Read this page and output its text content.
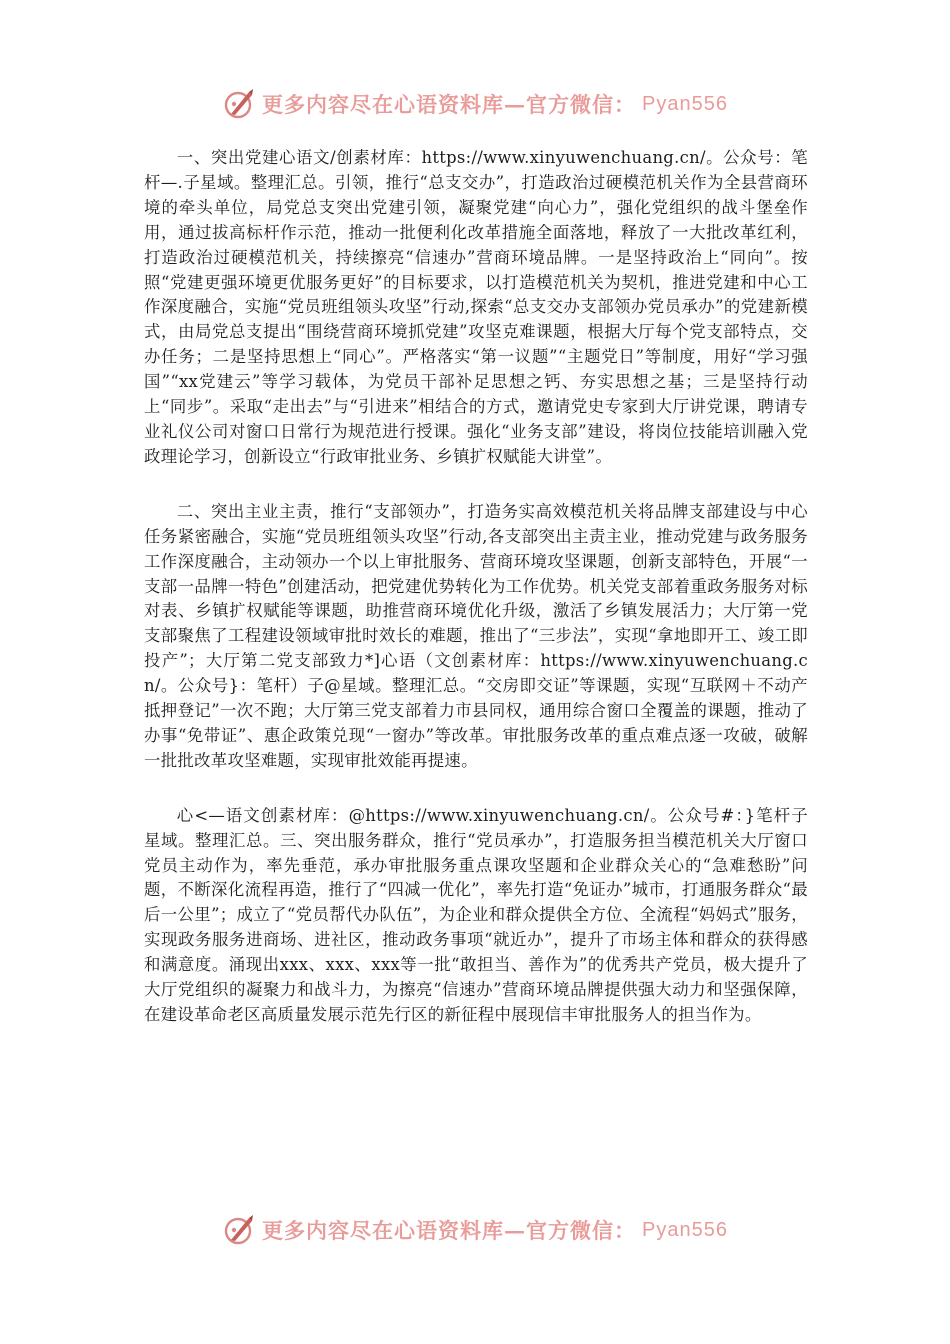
更多内容尽在心语资料库—官方微信： Pyan556

一、突出党建心语文/创素材库：https://www.xinyuwenchuang.cn/。公众号：笔杆—.子星域。整理汇总。引领，推行“总支交办”，打造政治过硬模范机关作为全县营商环境的牵头单位，局党总支突出党建引领，凝聚党建“向心力”，强化党组织的战斗堡垒作用，通过拔高标杆作示范，推动一批便利化改革措施全面落地，释放了一大批改革红利，打造政治过硬模范机关，持续擦亮“信速办”营商环境品牌。一是坚持政治上“同向”。按照“党建更强环境更优服务更好”的目标要求，以打造模范机关为契机，推进党建和中心工作深度融合，实施“党员班组领头攻坚”行动,探索“总支交办支部领办党员承办”的党建新模式，由局党总支提出“围绕营商环境抓党建”攻坚克难课题，根据大厅每个党支部特点，交办任务；二是坚持思想上“同心”。严格落实“第一议题”“主题党日”等制度，用好“学习强国”“xx党建云”等学习载体，为党员干部补足思想之钙、夯实思想之基；三是坚持行动上“同步”。采取“走出去”与“引进来”相结合的方式，邀请党史专家到大厅讲党课，聘请专业礼仪公司对窗口日常行为规范进行授课。强化“业务支部”建设，将岗位技能培训融入党政理论学习，创新设立“行政审批业务、乡镇扩权赋能大讲堂”。

二、突出主业主责，推行“支部领办”，打造务实高效模范机关将品牌支部建设与中心任务紧密融合，实施“党员班组领头攻坚”行动,各支部突出主责主业，推动党建与政务服务工作深度融合，主动领办一个以上审批服务、营商环境攻坚课题，创新支部特色，开展“一支部一品牌一特色”创建活动，把党建优势转化为工作优势。机关党支部着重政务服务对标对表、乡镇扩权赋能等课题，助推营商环境优化升级，激活了乡镇发展活力；大厅第一党支部聚焦了工程建设领域审批时效长的难题，推出了“三步法”，实现“拿地即开工、竣工即投产”；大厅第二党支部致力*]心语（文创素材库：https://www.xinyuwenchuang.cn/。公众号}：笔杆）子@星域。整理汇总。“交房即交证”等课题，实现“互联网＋不动产抵押登记”一次不跑；大厅第三党支部着力市县同权，通用综合窗口全覆盖的课题，推动了办事“免带证”、惠企政策兑现“一窗办”等改革。审批服务改革的重点难点逐一攻破，破解一批批改革攻坚难题，实现审批效能再提速。

心<—语文创素材库：@https://www.xinyuwenchuang.cn/。公众号#：}笔杆子星域。整理汇总。三、突出服务群众，推行“党员承办”，打造服务担当模范机关大厅窗口党员主动作为，率先垂范，承办审批服务重点课攻坚题和企业群众关心的“急难愁盼”问题，不断深化流程再造，推行了“四减一优化”，率先打造“免证办”城市，打通服务群众“最后一公里”；成立了“党员帮代办队伍”，为企业和群众提供全方位、全流程“妈妈式”服务，实现政务服务进商场、进社区，推动政务事项“就近办”，提升了市场主体和群众的获得感和满意度。涌现出xxx、xxx、xxx等一批“敢担当、善作为”的优秀共产党员，极大提升了大厅党组织的凝聚力和战斗力，为擦亮“信速办”营商环境品牌提供强大动力和坚强保障，在建设革命老区高质量发展示范先行区的新征程中展现信丰审批服务人的担当作为。

更多内容尽在心语资料库—官方微信： Pyan556
